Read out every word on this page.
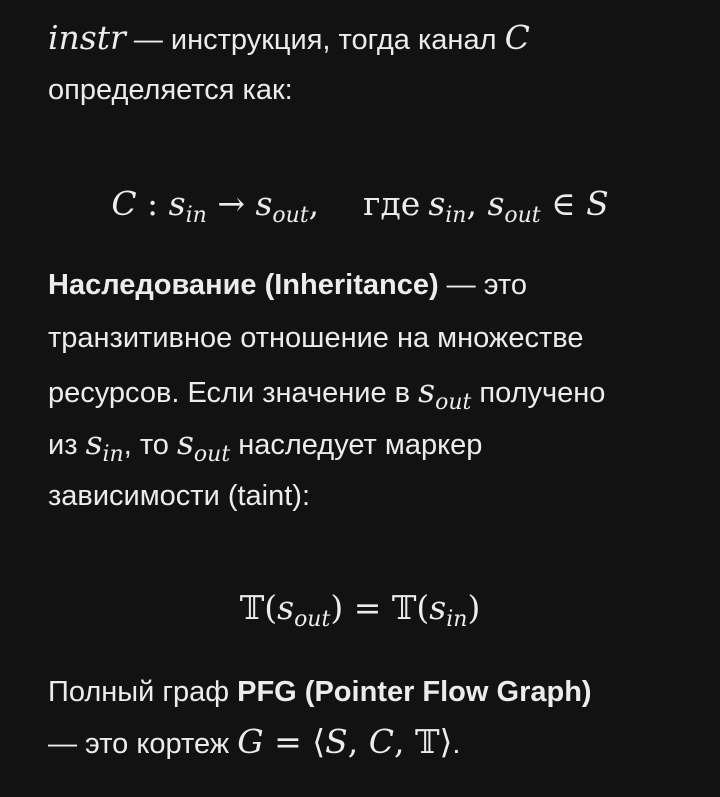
instr — инструкция, тогда канал C
определяется как:
C : sin → sout, где sin, sout ∈ S
Наследование (Inheritance) — это
транзитивное отношение на множестве
ресурсов. Если значение в $s_{out}$ получено
из $s_{in}$, то $s_{out}$ наследует маркер
зависимости (taint):
𝕋(sout) = 𝕋(sin)
Полный граф PFG (Pointer Flow Graph)
— это кортеж G = ⟨S, C, 𝕋⟩.
